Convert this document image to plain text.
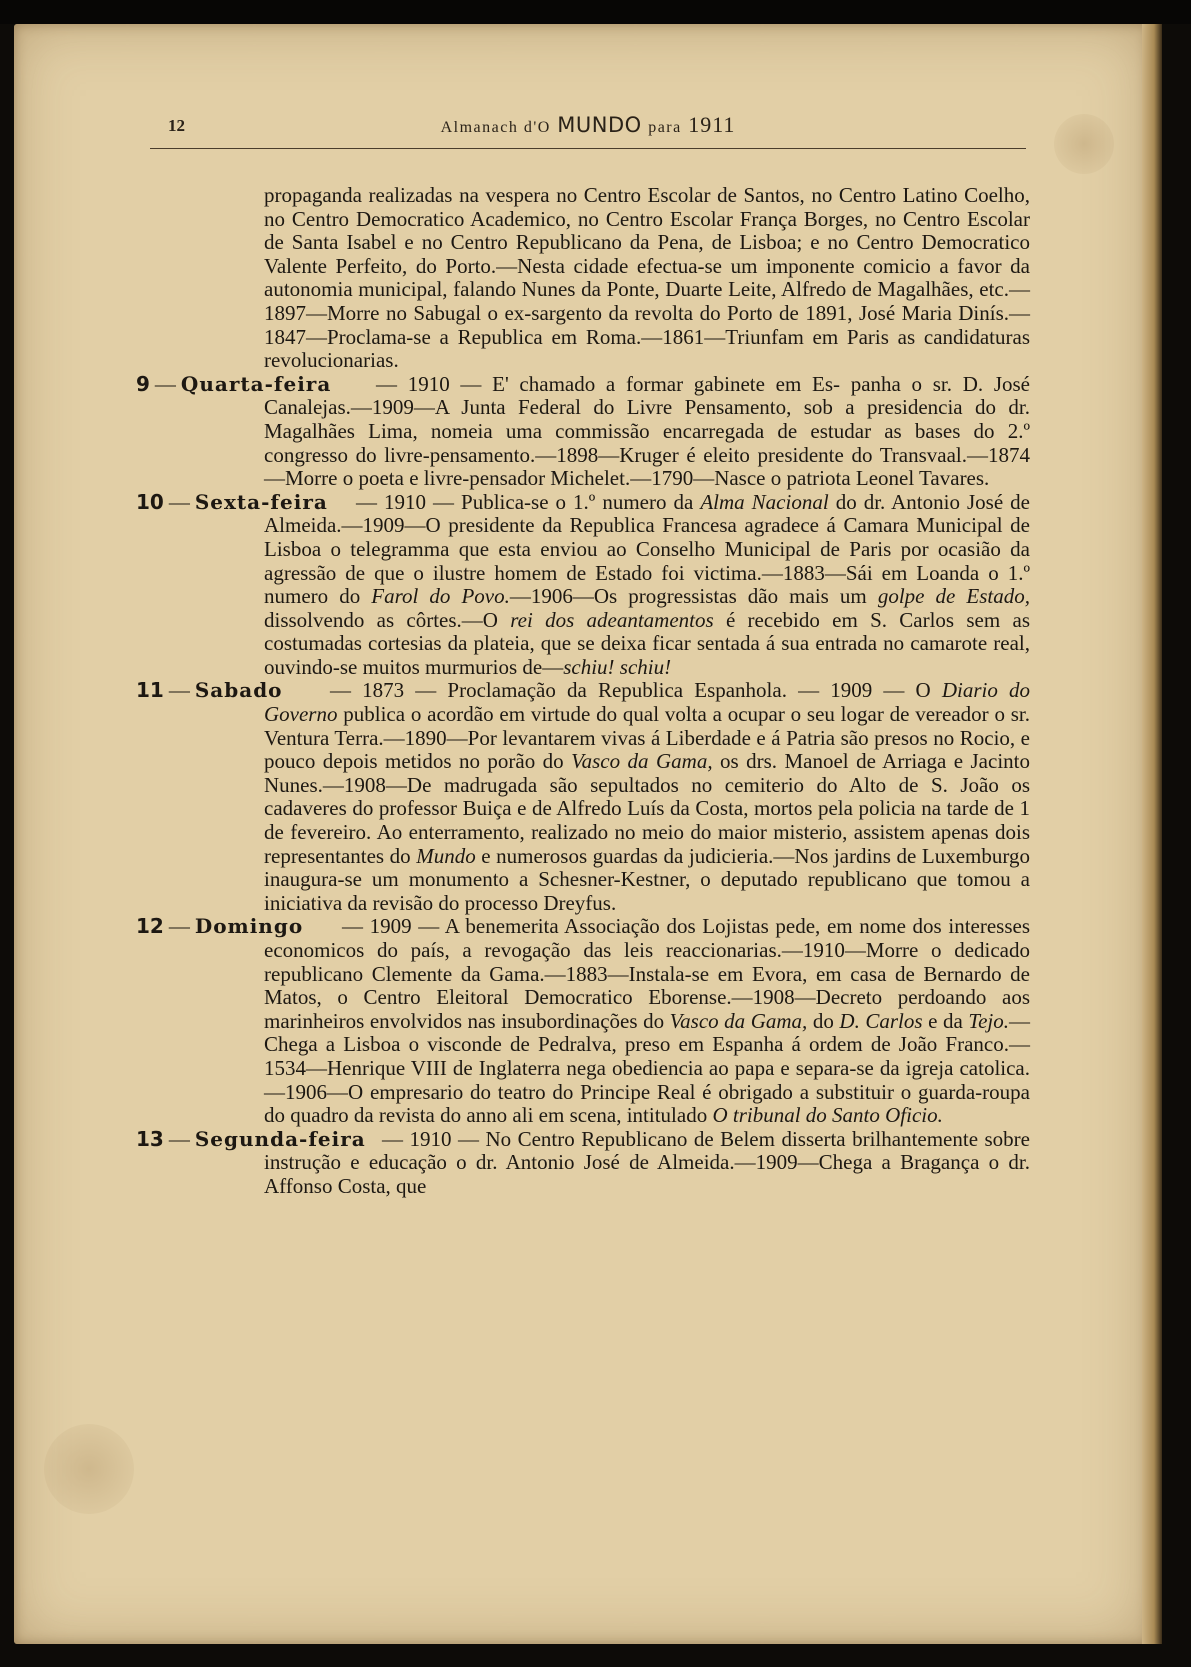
12	Almanach d'O MUNDO para 1911

propaganda realizadas na vespera no Centro Escolar de Santos, no Centro Latino Coelho, no Centro Democratico Academico, no Centro Escolar França Borges, no Centro Escolar de Santa Isabel e no Centro Republicano da Pena, de Lisboa; e no Centro Democratico Valente Perfeito, do Porto.—Nesta cidade efectua-se um imponente comicio a favor da autonomia municipal, falando Nunes da Ponte, Duarte Leite, Alfredo de Magalhães, etc.—1897—Morre no Sabugal o ex-sargento da revolta do Porto de 1891, José Maria Dinís.—1847—Proclama-se a Republica em Roma.—1861—Triunfam em Paris as candidaturas revolucionarias.

9 — Quarta-feira — 1910 — E' chamado a formar gabinete em Es- panha o sr. D. José Canalejas.—1909—A Junta Federal do Livre Pensamento, sob a presidencia do dr. Magalhães Lima, nomeia uma commissão encarregada de estudar as bases do 2.º congresso do livre-pensamento.—1898—Kruger é eleito presidente do Transvaal.—1874—Morre o poeta e livre-pensador Michelet.—1790—Nasce o patriota Leonel Tavares.

10 — Sexta-feira — 1910 — Publica-se o 1.º numero da Alma Nacional do dr. Antonio José de Almeida.—1909—O presidente da Republica Francesa agradece á Camara Municipal de Lisboa o telegramma que esta enviou ao Conselho Municipal de Paris por ocasião da agressão de que o ilustre homem de Estado foi victima.—1883—Sái em Loanda o 1.º numero do Farol do Povo.—1906—Os progressistas dão mais um golpe de Estado, dissolvendo as côrtes.—O rei dos adeantamentos é recebido em S. Carlos sem as costumadas cortesias da plateia, que se deixa ficar sentada á sua entrada no camarote real, ouvindo-se muitos murmurios de—schiu! schiu!

11 — Sabado — 1873 — Proclamação da Republica Espanhola. — 1909 — O Diario do Governo publica o acordão em virtude do qual volta a ocupar o seu logar de vereador o sr. Ventura Terra.—1890—Por levantarem vivas á Liberdade e á Patria são presos no Rocio, e pouco depois metidos no porão do Vasco da Gama, os drs. Manoel de Arriaga e Jacinto Nunes.—1908—De madrugada são sepultados no cemiterio do Alto de S. João os cadaveres do professor Buiça e de Alfredo Luís da Costa, mortos pela policia na tarde de 1 de fevereiro. Ao enterramento, realizado no meio do maior misterio, assistem apenas dois representantes do Mundo e numerosos guardas da judicieria.—Nos jardins de Luxemburgo inaugura-se um monumento a Schesner-Kestner, o deputado republicano que tomou a iniciativa da revisão do processo Dreyfus.

12 — Domingo — 1909 — A benemerita Associação dos Lojistas pede, em nome dos interesses economicos do país, a revogação das leis reaccionarias.—1910—Morre o dedicado republicano Clemente da Gama.—1883—Instala-se em Evora, em casa de Bernardo de Matos, o Centro Eleitoral Democratico Eborense.—1908—Decreto perdoando aos marinheiros envolvidos nas insubordinações do Vasco da Gama, do D. Carlos e da Tejo.—Chega a Lisboa o visconde de Pedralva, preso em Espanha á ordem de João Franco.—1534—Henrique VIII de Inglaterra nega obediencia ao papa e separa-se da igreja catolica.—1906—O empresario do teatro do Principe Real é obrigado a substituir o guarda-roupa do quadro da revista do anno ali em scena, intitulado O tribunal do Santo Oficio.

13 — Segunda-feira — 1910 — No Centro Republicano de Belem disserta brilhantemente sobre instrução e educação o dr. Antonio José de Almeida.—1909—Chega a Bragança o dr. Affonso Costa, que
